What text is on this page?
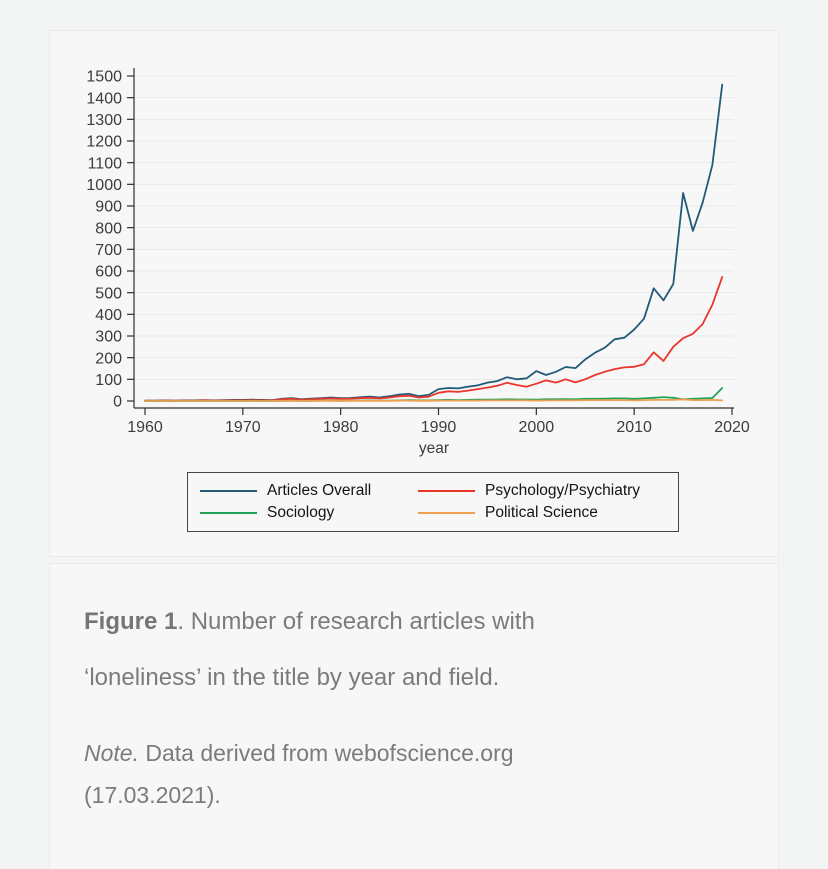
0
100
200
300
400
500
600
700
800
900
1000
1100
1200
1300
1400
1500
1960	1970	1980	1990	2000	2010	2020
year
Articles Overall	Psychology/Psychiatry
Sociology	Political Science

Figure 1. Number of research articles with ‘loneliness’ in the title by year and field.

Note. Data derived from webofscience.org (17.03.2021).
